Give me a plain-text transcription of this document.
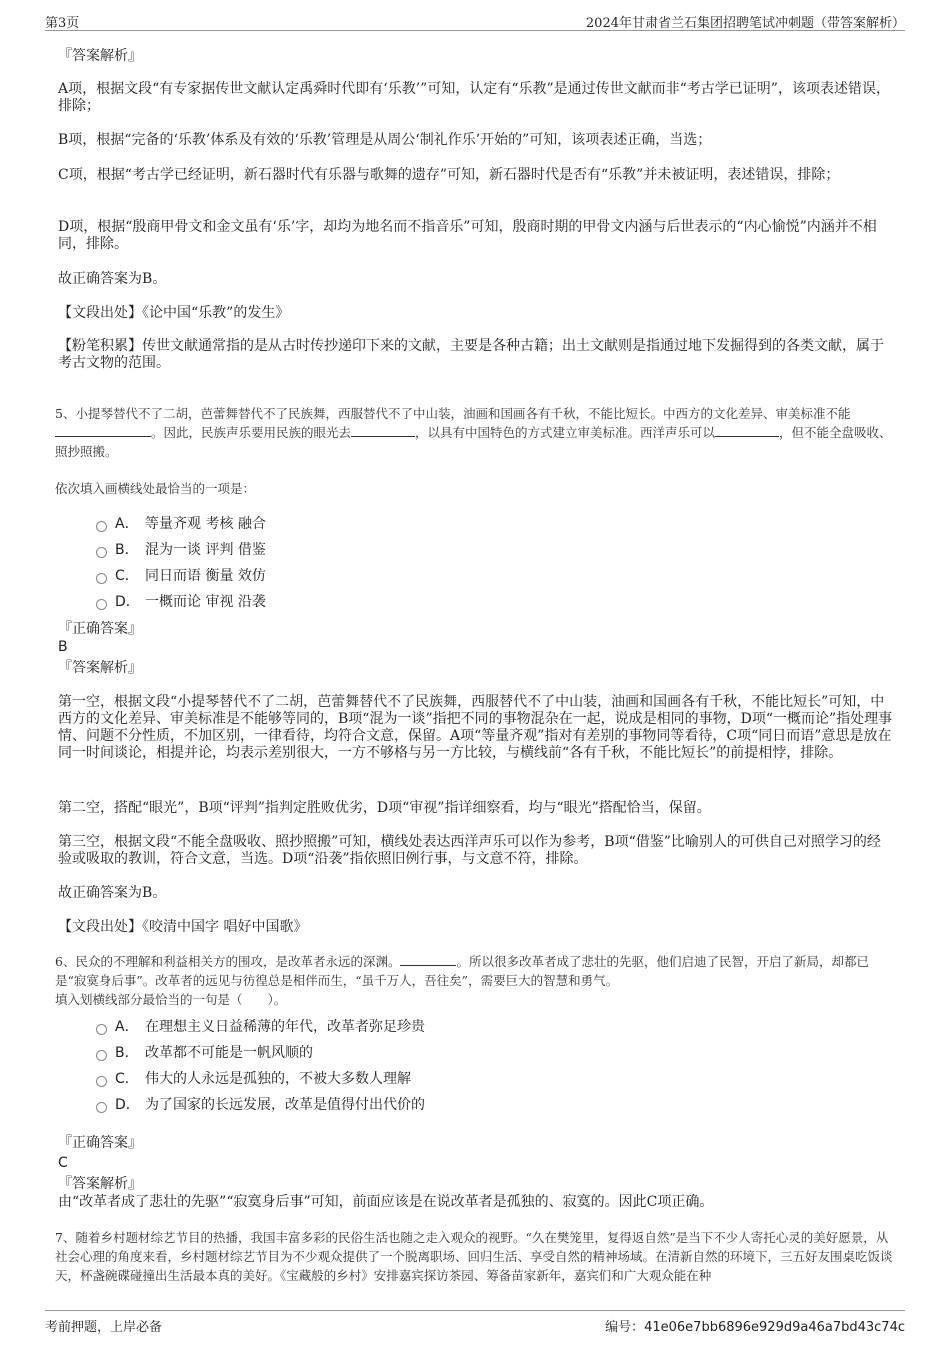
第3页	2024年甘肃省兰石集团招聘笔试冲刺题（带答案解析）
『答案解析』
A项，根据文段“有专家据传世文献认定禹舜时代即有‘乐教’”可知，认定有“乐教”是通过传世文献而非“考古学已证明”，该项表述错误，排除；
B项，根据“完备的‘乐教’体系及有效的‘乐教’管理是从周公‘制礼作乐’开始的”可知，该项表述正确，当选；
C项，根据“考古学已经证明，新石器时代有乐器与歌舞的遗存”可知，新石器时代是否有“乐教”并未被证明，表述错误，排除；
D项，根据“殷商甲骨文和金文虽有‘乐’字，却均为地名而不指音乐”可知，殷商时期的甲骨文内涵与后世表示的“内心愉悦”内涵并不相同，排除。
故正确答案为B。
【文段出处】《论中国“乐教”的发生》
【粉笔积累】传世文献通常指的是从古时传抄递印下来的文献，主要是各种古籍；出土文献则是指通过地下发掘得到的各类文献，属于考古文物的范围。
5、小提琴替代不了二胡，芭蕾舞替代不了民族舞，西服替代不了中山装，油画和国画各有千秋，不能比短长。中西方的文化差异、审美标准不能。因此，民族声乐要用民族的眼光去	，以具有中国特色的方式建立审美标准。西洋声乐可以	，但不能全盘吸收、照抄照搬。
依次填入画横线处最恰当的一项是：
A． 等量齐观 考核 融合
B． 混为一谈 评判 借鉴
C． 同日而语 衡量 效仿
D． 一概而论 审视 沿袭
『正确答案』
B
『答案解析』
第一空，根据文段“小提琴替代不了二胡，芭蕾舞替代不了民族舞，西服替代不了中山装，油画和国画各有千秋，不能比短长”可知，中西方的文化差异、审美标准是不能够等同的，B项“混为一谈”指把不同的事物混杂在一起，说成是相同的事物，D项“一概而论”指处理事情、问题不分性质，不加区别，一律看待，均符合文意，保留。A项“等量齐观”指对有差别的事物同等看待，C项“同日而语”意思是放在同一时间谈论，相提并论，均表示差别很大，一方不够格与另一方比较，与横线前“各有千秋，不能比短长”的前提相悖，排除。
第二空，搭配“眼光”，B项“评判”指判定胜败优劣，D项“审视”指详细察看，均与“眼光”搭配恰当，保留。
第三空，根据文段“不能全盘吸收、照抄照搬”可知，横线处表达西洋声乐可以作为参考，B项“借鉴”比喻别人的可供自己对照学习的经验或吸取的教训，符合文意，当选。D项“沿袭”指依照旧例行事，与文意不符，排除。
故正确答案为B。
【文段出处】《咬清中国字 唱好中国歌》
6、民众的不理解和利益相关方的围攻，是改革者永远的深渊。	。所以很多改革者成了悲壮的先驱，他们启迪了民智，开启了新局，却都已是“寂寞身后事”。改革者的远见与彷徨总是相伴而生，“虽千万人，吾往矣”，需要巨大的智慧和勇气。
填入划横线部分最恰当的一句是（　　）。
A． 在理想主义日益稀薄的年代，改革者弥足珍贵
B． 改革都不可能是一帆风顺的
C． 伟大的人永远是孤独的，不被大多数人理解
D． 为了国家的长远发展，改革是值得付出代价的
『正确答案』
C
『答案解析』
由“改革者成了悲壮的先驱”“寂寞身后事”可知，前面应该是在说改革者是孤独的、寂寞的。因此C项正确。
7、随着乡村题材综艺节目的热播，我国丰富多彩的民俗生活也随之走入观众的视野。“久在樊笼里，复得返自然”是当下不少人寄托心灵的美好愿景，从社会心理的角度来看，乡村题材综艺节目为不少观众提供了一个脱离职场、回归生活、享受自然的精神场域。在清新自然的环境下，三五好友围桌吃饭谈天，杯盏碗碟碰撞出生活最本真的美好。《宝藏般的乡村》安排嘉宾探访茶园、筹备苗家新年，嘉宾们和广大观众能在种
考前押题，上岸必备	编号：41e06e7bb6896e929d9a46a7bd43c74c
